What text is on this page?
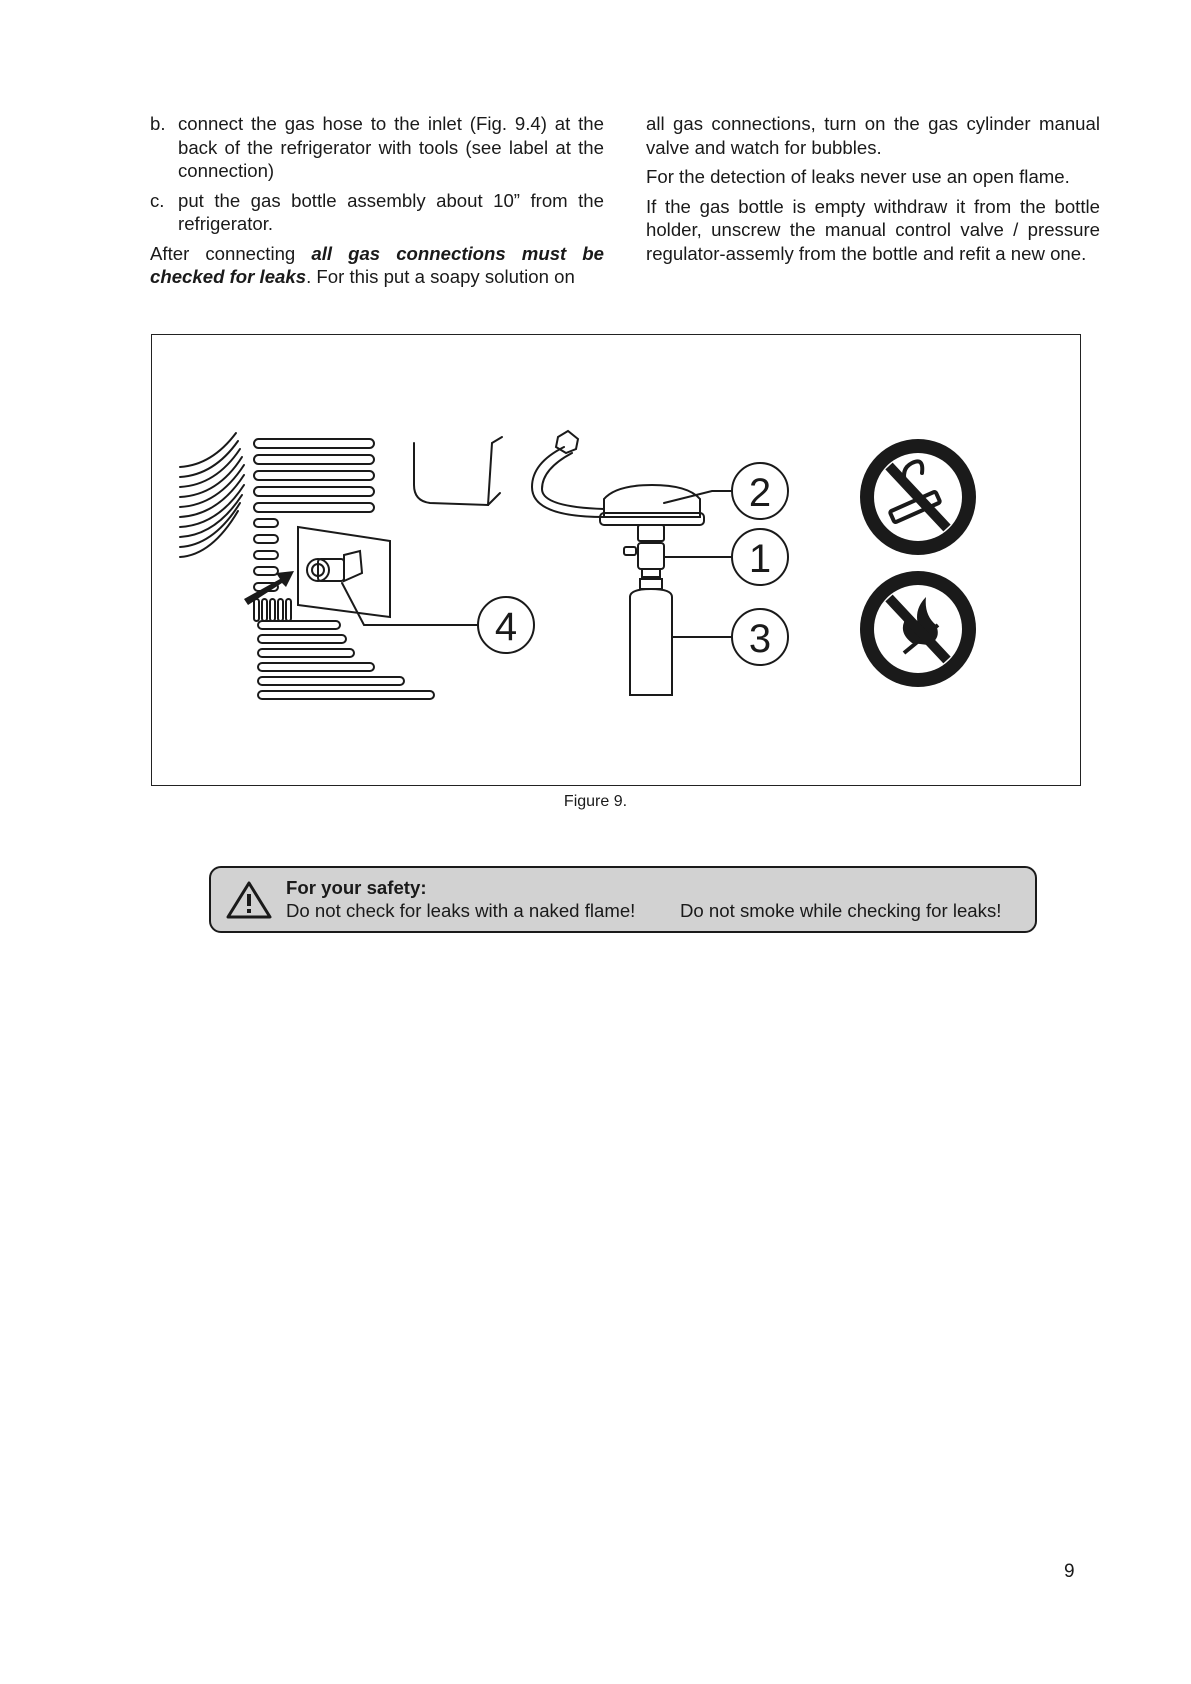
b. connect the gas hose to the inlet (Fig. 9.4) at the back of the refrigerator with tools (see label at the connection)
c. put the gas bottle assembly about 10” from the refrigerator.

After connecting all gas connections must be checked for leaks. For this put a soapy solution on

all gas connections, turn on the gas cylinder manual valve and watch for bubbles.

For the detection of leaks never use an open flame.

If the gas bottle is empty withdraw it from the bottle holder, unscrew the manual control valve / pressure regulator-assemly from the bottle and refit a new one.

2
1
3
4
Figure 9.
For your safety:
Do not check for leaks with a naked flame! Do not smoke while checking for leaks!
9
